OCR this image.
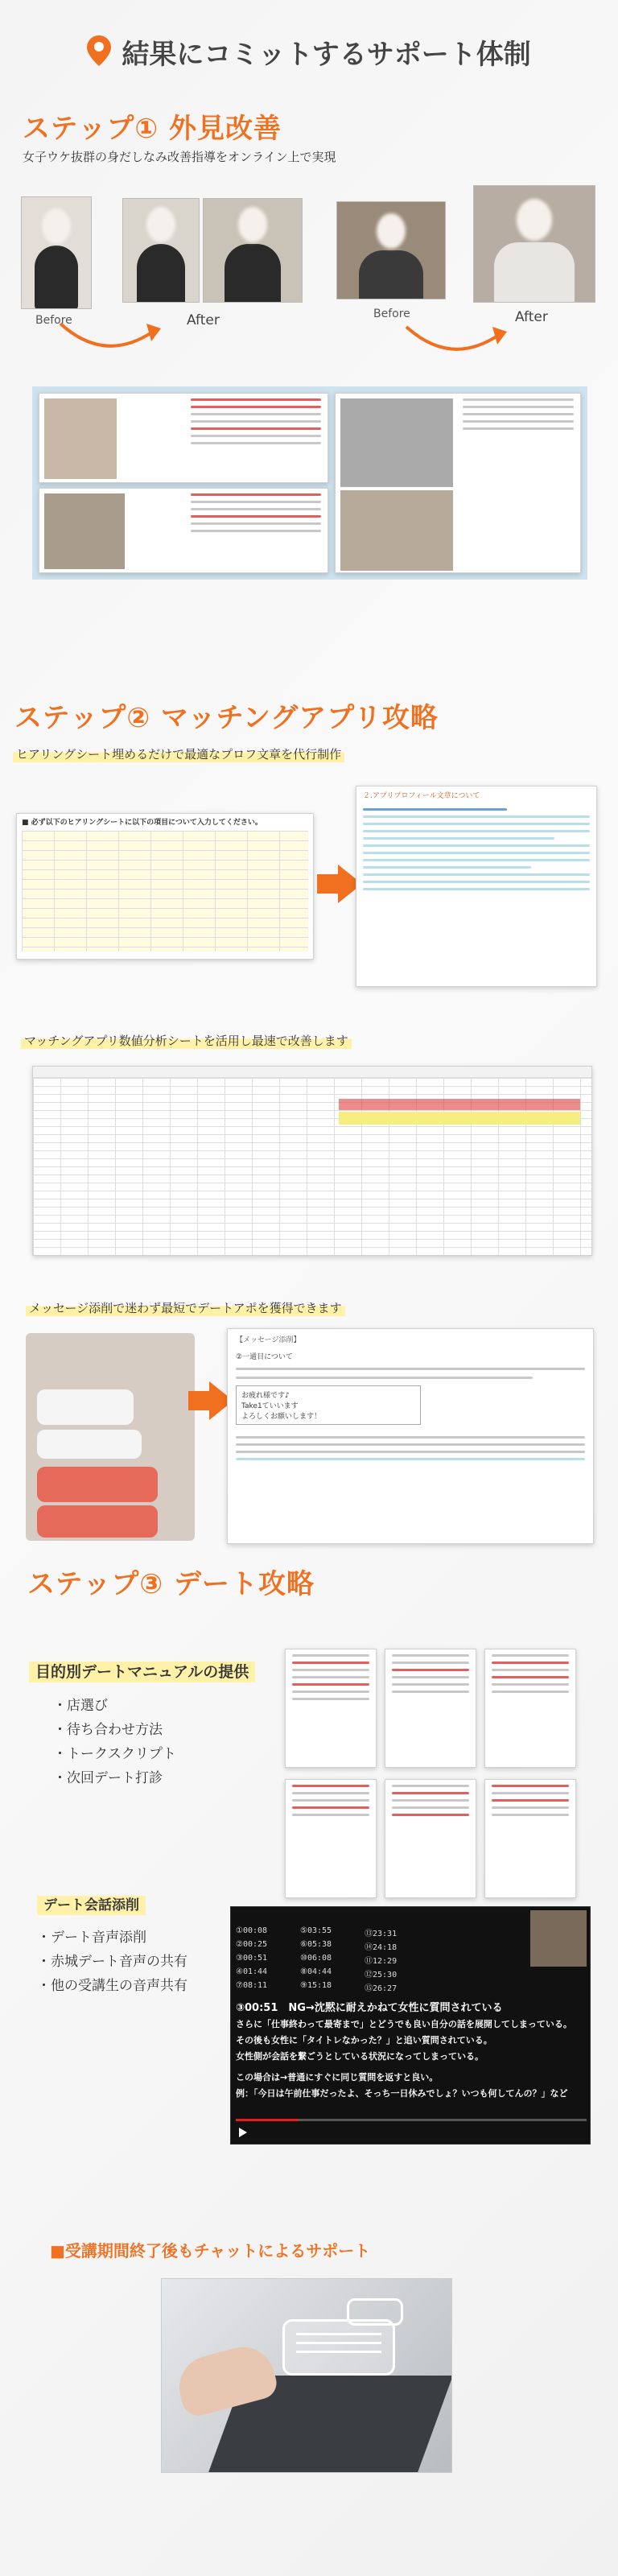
結果にコミットするサポート体制
ステップ① 外見改善
女子ウケ抜群の身だしなみ改善指導をオンライン上で実現
Before	After	Before	After
ステップ② マッチングアプリ攻略
ヒアリングシート埋めるだけで最適なプロフ文章を代行制作
■ 必ず以下のヒアリングシートに以下の項目について入力してください。
２.アプリプロフィール文章について
マッチングアプリ数値分析シートを活用し最速で改善します
メッセージ添削で迷わず最短でデートアポを獲得できます
【メッセージ添削】
②一通目について
お疲れ様です♪
Take1ていいます
よろしくお願いします！
ステップ③ デート攻略
目的別デートマニュアルの提供
・店選び
・待ち合わせ方法
・トークスクリプト
・次回デート打診
デート会話添削
・デート音声添削
・赤城デート音声の共有
・他の受講生の音声共有
①00:08	⑤03:55	⑬23:31
②00:25	⑥05:38	⑭24:18
③00:51	⑩06:08	⑪12:29
④01:44	⑧04:44	⑫25:30
⑦08:11	⑨15:18	⑮26:27
③00:51　NG→沈黙に耐えかねて女性に質問されている
さらに「仕事終わって最寄まで」とどうでも良い自分の話を展開してしまっている。
その後も女性に「タイトレなかった？」と追い質問されている。
女性側が会話を繋ごうとしている状況になってしまっている。
この場合は→普通にすぐに同じ質問を返すと良い。
例：「今日は午前仕事だったよ、そっち一日休みでしょ？いつも何してんの？」など
■受講期間終了後もチャットによるサポート
